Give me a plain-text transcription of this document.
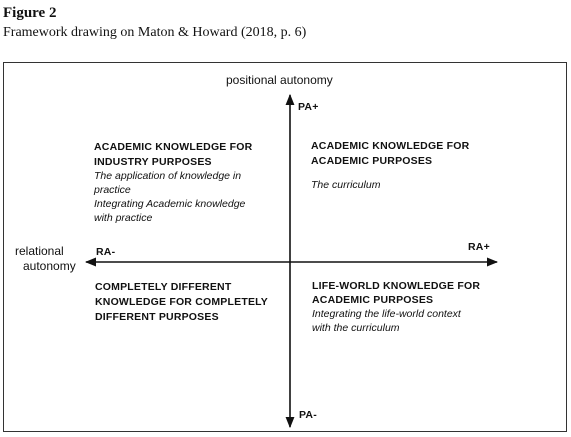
Figure 2
Framework drawing on Maton & Howard (2018, p. 6)
positional autonomy
relational
autonomy
PA+
PA-
RA+
RA-
ACADEMIC KNOWLEDGE FOR
INDUSTRY PURPOSES
The application of knowledge in
practice
Integrating Academic knowledge
with practice
ACADEMIC KNOWLEDGE FOR
ACADEMIC PURPOSES
The curriculum
COMPLETELY DIFFERENT
KNOWLEDGE FOR COMPLETELY
DIFFERENT PURPOSES
LIFE-WORLD KNOWLEDGE FOR
ACADEMIC PURPOSES
Integrating the life-world context
with the curriculum
